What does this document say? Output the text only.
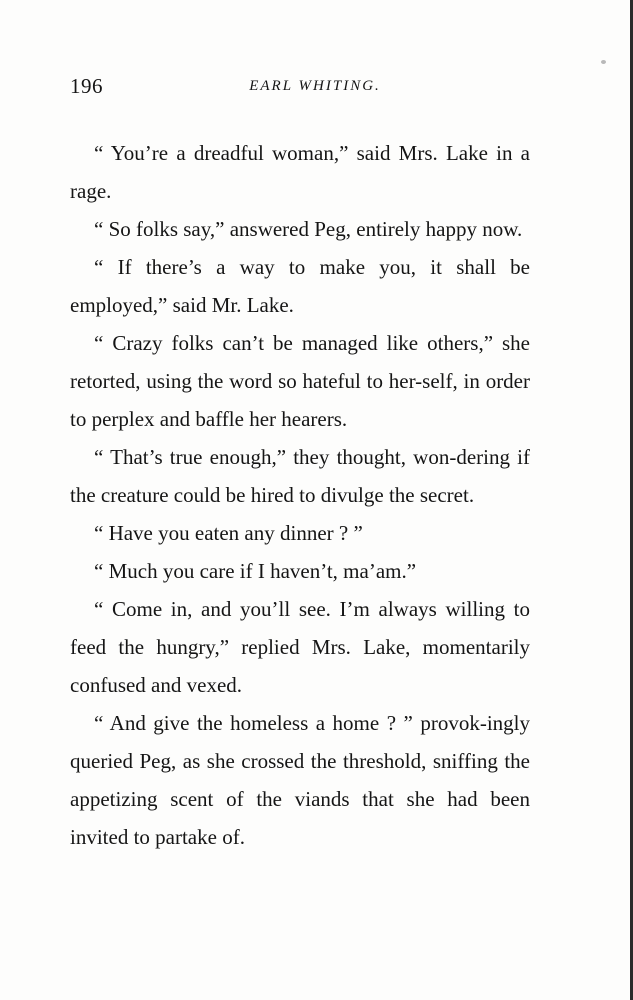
196	EARL WHITING.

“ You’re a dreadful woman,” said Mrs. Lake in a rage.

“ So folks say,” answered Peg, entirely happy now.

“ If there’s a way to make you, it shall be employed,” said Mr. Lake.

“ Crazy folks can’t be managed like others,” she retorted, using the word so hateful to her-self, in order to perplex and baffle her hearers.

“ That’s true enough,” they thought, won-dering if the creature could be hired to divulge the secret.

“ Have you eaten any dinner ? ”

“ Much you care if I haven’t, ma’am.”

“ Come in, and you’ll see. I’m always willing to feed the hungry,” replied Mrs. Lake, momentarily confused and vexed.

“ And give the homeless a home ? ” provok-ingly queried Peg, as she crossed the threshold, sniffing the appetizing scent of the viands that she had been invited to partake of.
